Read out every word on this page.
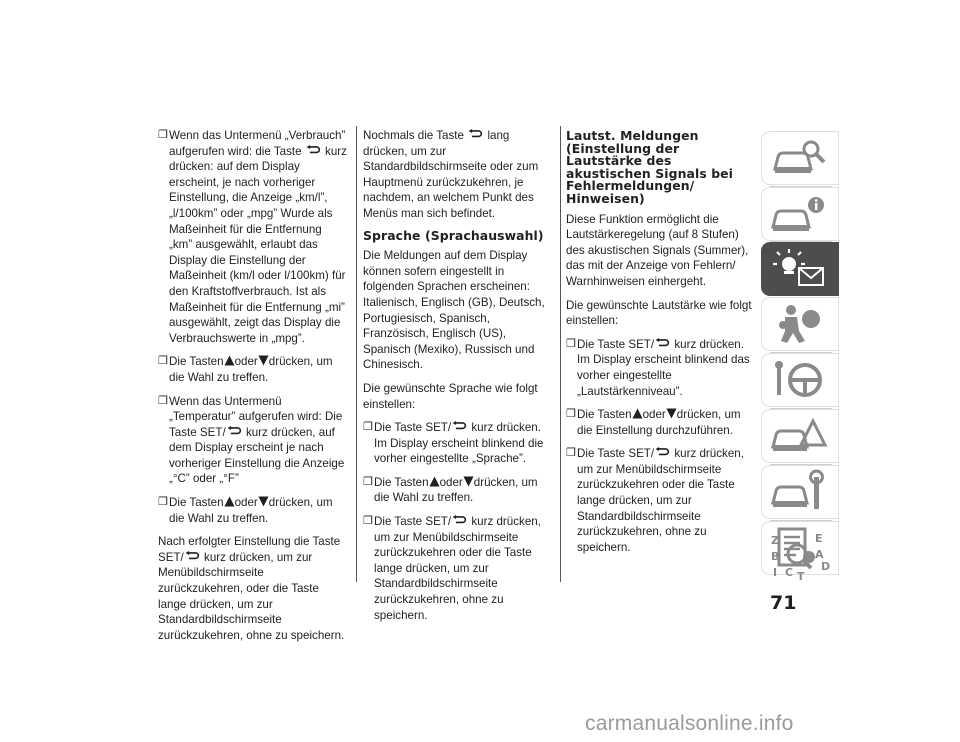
❒ Wenn das Untermenü „Verbrauch” aufgerufen wird: die Taste kurz drücken: auf dem Display erscheint, je nach vorheriger Einstellung, die Anzeige „km/l”, „l/100km” oder „mpg” Wurde als Maßeinheit für die Entfernung „km” ausgewählt, erlaubt das Display die Einstellung der Maßeinheit (km/l oder l/100km) für den Kraftstoffverbrauch. Ist als Maßeinheit für die Entfernung „mi” ausgewählt, zeigt das Display die Verbrauchswerte in „mpg”.
❒ Die Tasten oder drücken, um die Wahl zu treffen.
❒ Wenn das Untermenü „Temperatur” aufgerufen wird: Die Taste SET/ kurz drücken, auf dem Display erscheint je nach vorheriger Einstellung die Anzeige „°C” oder „°F”
❒ Die Tasten oder drücken, um die Wahl zu treffen.

Nach erfolgter Einstellung die Taste SET/ kurz drücken, um zur Menübildschirmseite zurückzukehren, oder die Taste lange drücken, um zur Standardbildschirmseite zurückzukehren, ohne zu speichern.

Nochmals die Taste lang drücken, um zur Standardbildschirmseite oder zum Hauptmenü zurückzukehren, je nachdem, an welchem Punkt des Menüs man sich befindet.

Sprache (Sprachauswahl)

Die Meldungen auf dem Display können sofern eingestellt in folgenden Sprachen erscheinen: Italienisch, Englisch (GB), Deutsch, Portugiesisch, Spanisch, Französisch, Englisch (US), Spanisch (Mexiko), Russisch und Chinesisch.

Die gewünschte Sprache wie folgt einstellen:

❒ Die Taste SET/ kurz drücken. Im Display erscheint blinkend die vorher eingestellte „Sprache”.
❒ Die Tasten oder drücken, um die Wahl zu treffen.
❒ Die Taste SET/ kurz drücken, um zur Menübildschirmseite zurückzukehren oder die Taste lange drücken, um zur Standardbildschirmseite zurückzukehren, ohne zu speichern.
Lautst. Meldungen (Einstellung der Lautstärke des akustischen Signals bei Fehlermeldungen/ Hinweisen)

Diese Funktion ermöglicht die Lautstärkeregelung (auf 8 Stufen) des akustischen Signals (Summer), das mit der Anzeige von Fehlern/ Warnhinweisen einhergeht.

Die gewünschte Lautstärke wie folgt einstellen:

❒ Die Taste SET/ kurz drücken. Im Display erscheint blinkend das vorher eingestellte „Lautstärkenniveau”.
❒ Die Tasten oder drücken, um die Einstellung durchzuführen.
❒ Die Taste SET/ kurz drücken, um zur Menübildschirmseite zurückzukehren oder die Taste lange drücken, um zur Standardbildschirmseite zurückzukehren, ohne zu speichern.
Z	E
B	A
D
I C T
71
carmanualsonline.info
